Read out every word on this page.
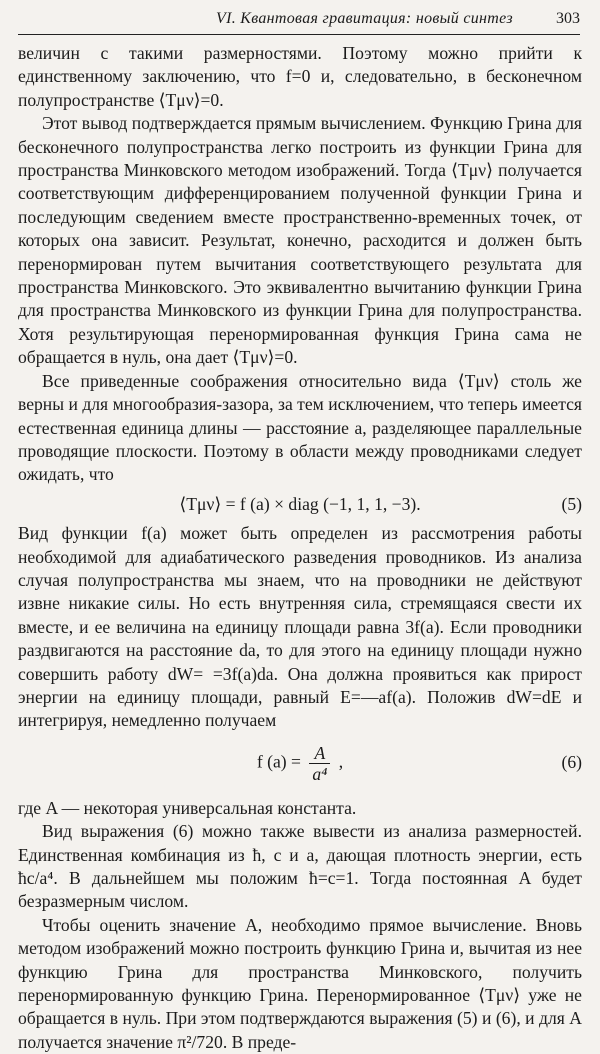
VI. Квантовая гравитация: новый синтез	303

величин с такими размерностями. Поэтому можно прийти к единственному заключению, что f=0 и, следовательно, в бесконечном полупространстве ⟨Tμν⟩=0.

Этот вывод подтверждается прямым вычислением. Функцию Грина для бесконечного полупространства легко построить из функции Грина для пространства Минковского методом изображений. Тогда ⟨Tμν⟩ получается соответствующим дифференцированием полученной функции Грина и последующим сведением вместе пространственно-временных точек, от которых она зависит. Результат, конечно, расходится и должен быть перенормирован путем вычитания соответствующего результата для пространства Минковского. Это эквивалентно вычитанию функции Грина для пространства Минковского из функции Грина для полупространства. Хотя результирующая перенормированная функция Грина сама не обращается в нуль, она дает ⟨Tμν⟩=0.

Все приведенные соображения относительно вида ⟨Tμν⟩ столь же верны и для многообразия-зазора, за тем исключением, что теперь имеется естественная единица длины — расстояние a, разделяющее параллельные проводящие плоскости. Поэтому в области между проводниками следует ожидать, что

⟨Tμν⟩ = f (a) × diag (−1, 1, 1, −3).	(5)

Вид функции f(a) может быть определен из рассмотрения работы необходимой для адиабатического разведения проводников. Из анализа случая полупространства мы знаем, что на проводники не действуют извне никакие силы. Но есть внутренняя сила, стремящаяся свести их вместе, и ее величина на единицу площади равна 3f(a). Если проводники раздвигаются на расстояние da, то для этого на единицу площади нужно совершить работу dW= =3f(a)da. Она должна проявиться как прирост энергии на единицу площади, равный E=—af(a). Положив dW=dE и интегрируя, немедленно получаем

f $(a) = \frac{A}{\text{a⁴}}$ ,	(6)

где A — некоторая универсальная константа.

Вид выражения (6) можно также вывести из анализа размерностей. Единственная комбинация из ħ, c и a, дающая плотность энергии, есть ħc/a⁴. В дальнейшем мы положим ħ=c=1. Тогда постоянная A будет безразмерным числом.

Чтобы оценить значение A, необходимо прямое вычисление. Вновь методом изображений можно построить функцию Грина и, вычитая из нее функцию Грина для пространства Минковского, получить перенормированную функцию Грина. Перенормированное ⟨Tμν⟩ уже не обращается в нуль. При этом подтверждаются выражения (5) и (6), и для A получается значение π²/720. В преде-
